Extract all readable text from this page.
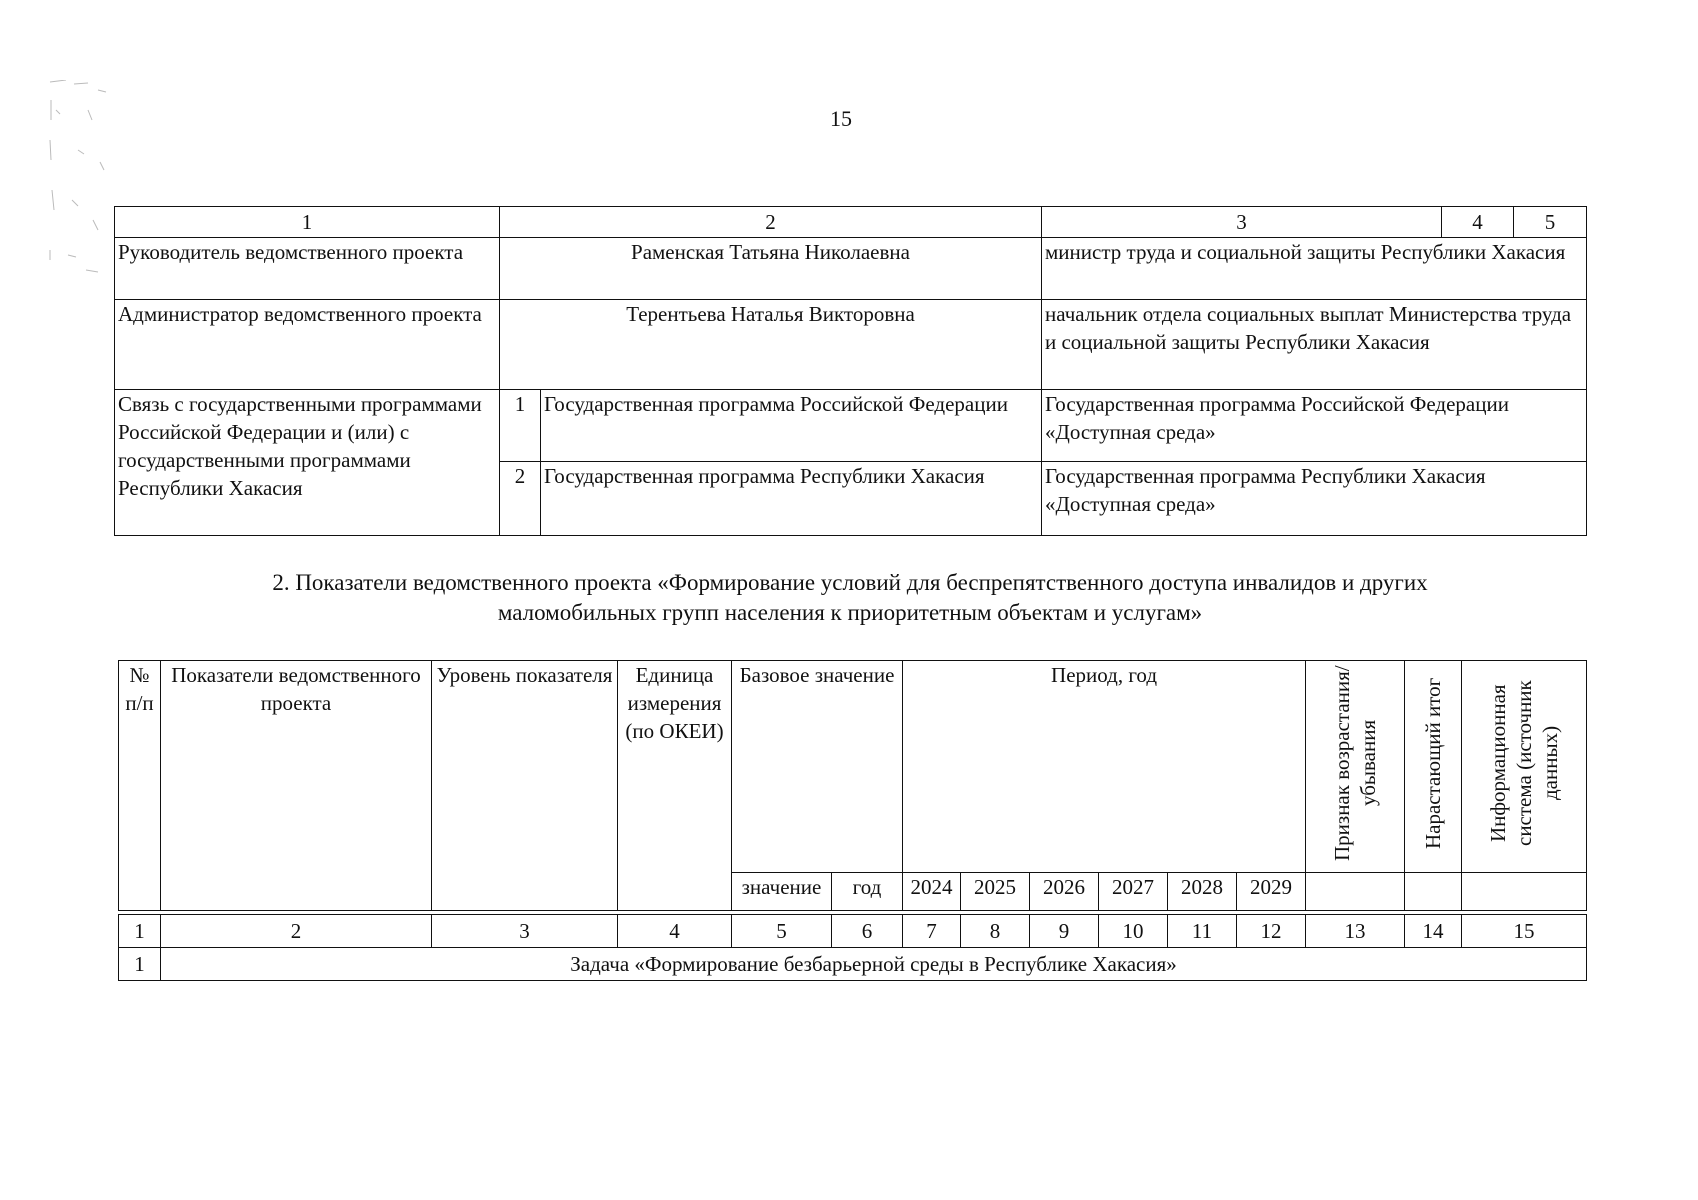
15
1	2		3	4	5
Руководитель ведомственного проекта	Раменская Татьяна Николаевна		министр труда и социальной защиты Республики Хакасия		
Администратор ведомственного проекта	Терентьева Наталья Викторовна		начальник отдела социальных выплат Министерства труда и социальной защиты Республики Хакасия		
Связь с государственными программами Российской Федерации и (или) с государственными программами Республики Хакасия	1	Государственная программа Российской Федерации	Государственная программа Российской Федерации «Доступная среда»		
	2	Государственная программа Республики Хакасия	Государственная программа Республики Хакасия «Доступная среда»		
2. Показатели ведомственного проекта «Формирование условий для беспрепятственного доступа инвалидов и других
маломобильных групп населения к приоритетным объектам и услугам»
№ п/п	Показатели ведомственного проекта	Уровень показателя	Единица измерения (по ОКЕИ)	Базовое значение		Период, год						Признак возрастания/ убывания	Нарастающий итог	Информационная система (источник данных)
				значение	год	2024	2025	2026	2027	2028	2029			
1	2	3	4	5	6	7	8	9	10	11	12	13	14	15
1	Задача «Формирование безбарьерной среды в Республике Хакасия»													
